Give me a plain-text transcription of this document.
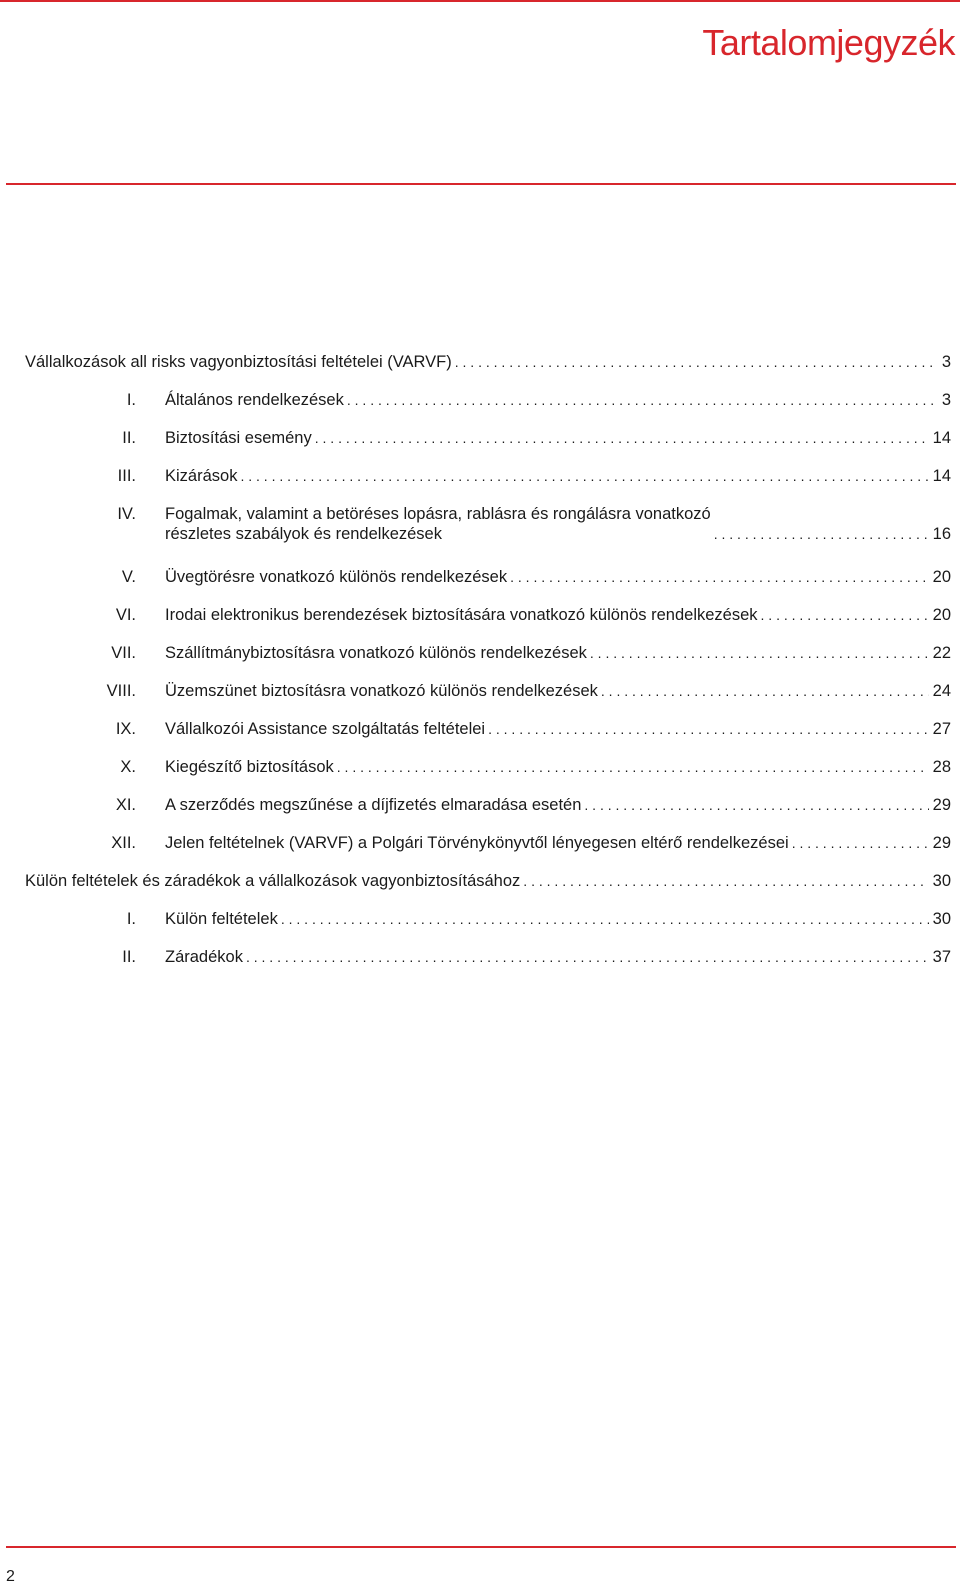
Tartalomjegyzék
Vállalkozások all risks vagyonbiztosítási feltételei (VARVF) . . .	3
I. Általános rendelkezések . . .	3
II. Biztosítási esemény . . .	14
III. Kizárások . . .	14
IV. Fogalmak, valamint a betöréses lopásra, rablásra és rongálásra vonatkozó
részletes szabályok és rendelkezések . . .	16
V. Üvegtörésre vonatkozó különös rendelkezések . . .	20
VI. Irodai elektronikus berendezések biztosítására vonatkozó különös rendelkezések . . .	20
VII. Szállítmánybiztosításra vonatkozó különös rendelkezések . . .	22
VIII. Üzemszünet biztosításra vonatkozó különös rendelkezések . . .	24
IX. Vállalkozói Assistance szolgáltatás feltételei . . .	27
X. Kiegészítő biztosítások . . .	28
XI. A szerződés megszűnése a díjfizetés elmaradása esetén . . .	29
XII. Jelen feltételnek (VARVF) a Polgári Törvénykönyvtől lényegesen eltérő rendelkezései . . .	29
Külön feltételek és záradékok a vállalkozások vagyonbiztosításához . . .	30
I. Külön feltételek . . .	30
II. Záradékok . . .	37
2
